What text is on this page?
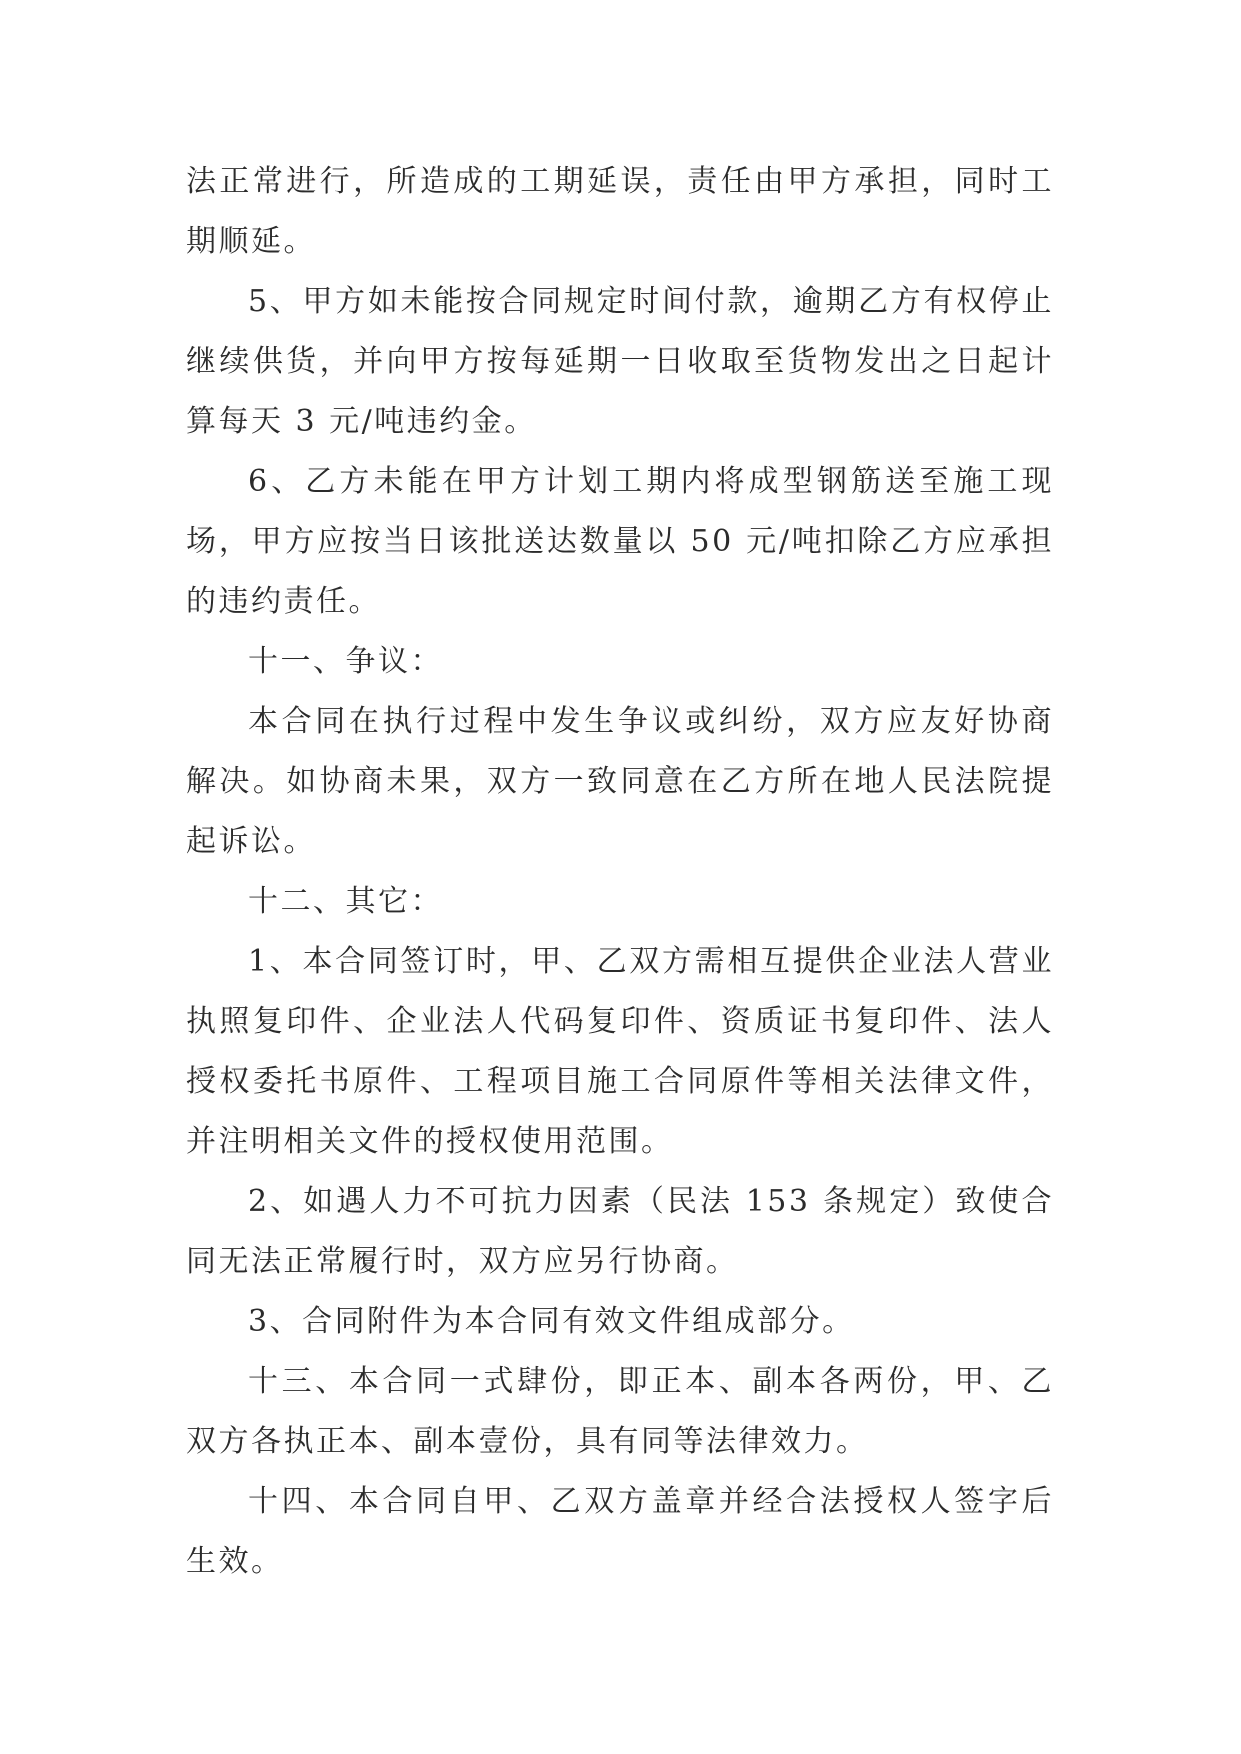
法正常进行，所造成的工期延误，责任由甲方承担，同时工期顺延。

5、甲方如未能按合同规定时间付款，逾期乙方有权停止继续供货，并向甲方按每延期一日收取至货物发出之日起计算每天 3 元/吨违约金。

6、乙方未能在甲方计划工期内将成型钢筋送至施工现场，甲方应按当日该批送达数量以 50 元/吨扣除乙方应承担的违约责任。

十一、争议：

本合同在执行过程中发生争议或纠纷，双方应友好协商解决。如协商未果，双方一致同意在乙方所在地人民法院提起诉讼。

十二、其它：

1、本合同签订时，甲、乙双方需相互提供企业法人营业执照复印件、企业法人代码复印件、资质证书复印件、法人授权委托书原件、工程项目施工合同原件等相关法律文件，并注明相关文件的授权使用范围。

2、如遇人力不可抗力因素（民法 153 条规定）致使合同无法正常履行时，双方应另行协商。

3、合同附件为本合同有效文件组成部分。

十三、本合同一式肆份，即正本、副本各两份，甲、乙双方各执正本、副本壹份，具有同等法律效力。

十四、本合同自甲、乙双方盖章并经合法授权人签字后生效。
